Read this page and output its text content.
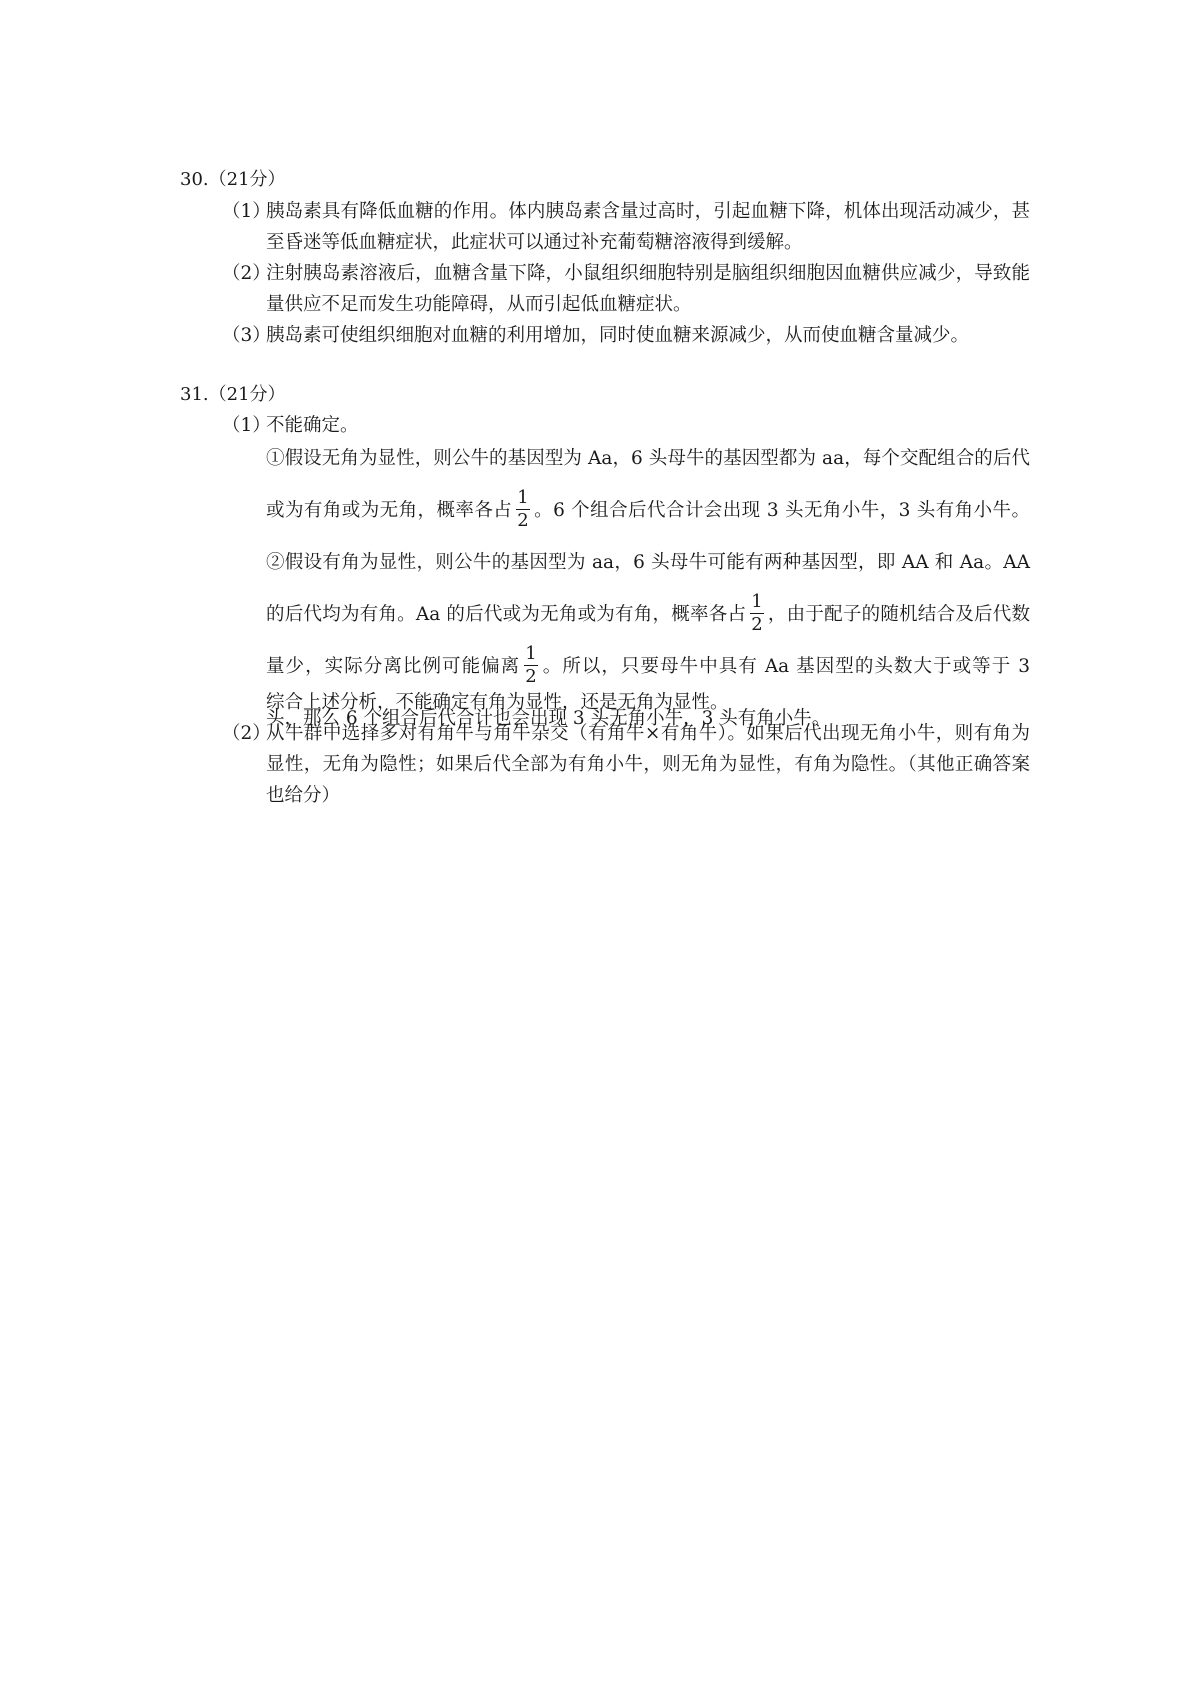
30.（21分）
（1）
胰岛素具有降低血糖的作用。体内胰岛素含量过高时，引起血糖下降，机体出现活动减少，甚至昏迷等低血糖症状，此症状可以通过补充葡萄糖溶液得到缓解。
（2）
注射胰岛素溶液后，血糖含量下降，小鼠组织细胞特别是脑组织细胞因血糖供应减少，导致能量供应不足而发生功能障碍，从而引起低血糖症状。
（3）
胰岛素可使组织细胞对血糖的利用增加，同时使血糖来源减少，从而使血糖含量减少。
31.（21分）
（1）
不能确定。
①假设无角为显性，则公牛的基因型为 Aa，6 头母牛的基因型都为 aa，每个交配组合的后代或为有角或为无角，概率各占 $\frac{1}{2}$ 。6 个组合后代合计会出现 3 头无角小牛，3 头有角小牛。②假设有角为显性，则公牛的基因型为 aa，6 头母牛可能有两种基因型，即 AA 和 Aa。AA 的后代均为有角。Aa 的后代或为无角或为有角，概率各占 $\frac{1}{2}$ ，由于配子的随机结合及后代数量少，实际分离比例可能偏离 $\frac{1}{2}$ 。所以，只要母牛中具有 Aa 基因型的头数大于或等于 3 头，那么 6 个组合后代合计也会出现 3 头无角小牛，3 头有角小牛。
综合上述分析，不能确定有角为显性，还是无角为显性。
（2）
从牛群中选择多对有角牛与角牛杂交（有角牛×有角牛）。如果后代出现无角小牛，则有角为显性，无角为隐性；如果后代全部为有角小牛，则无角为显性，有角为隐性。（其他正确答案也给分）
